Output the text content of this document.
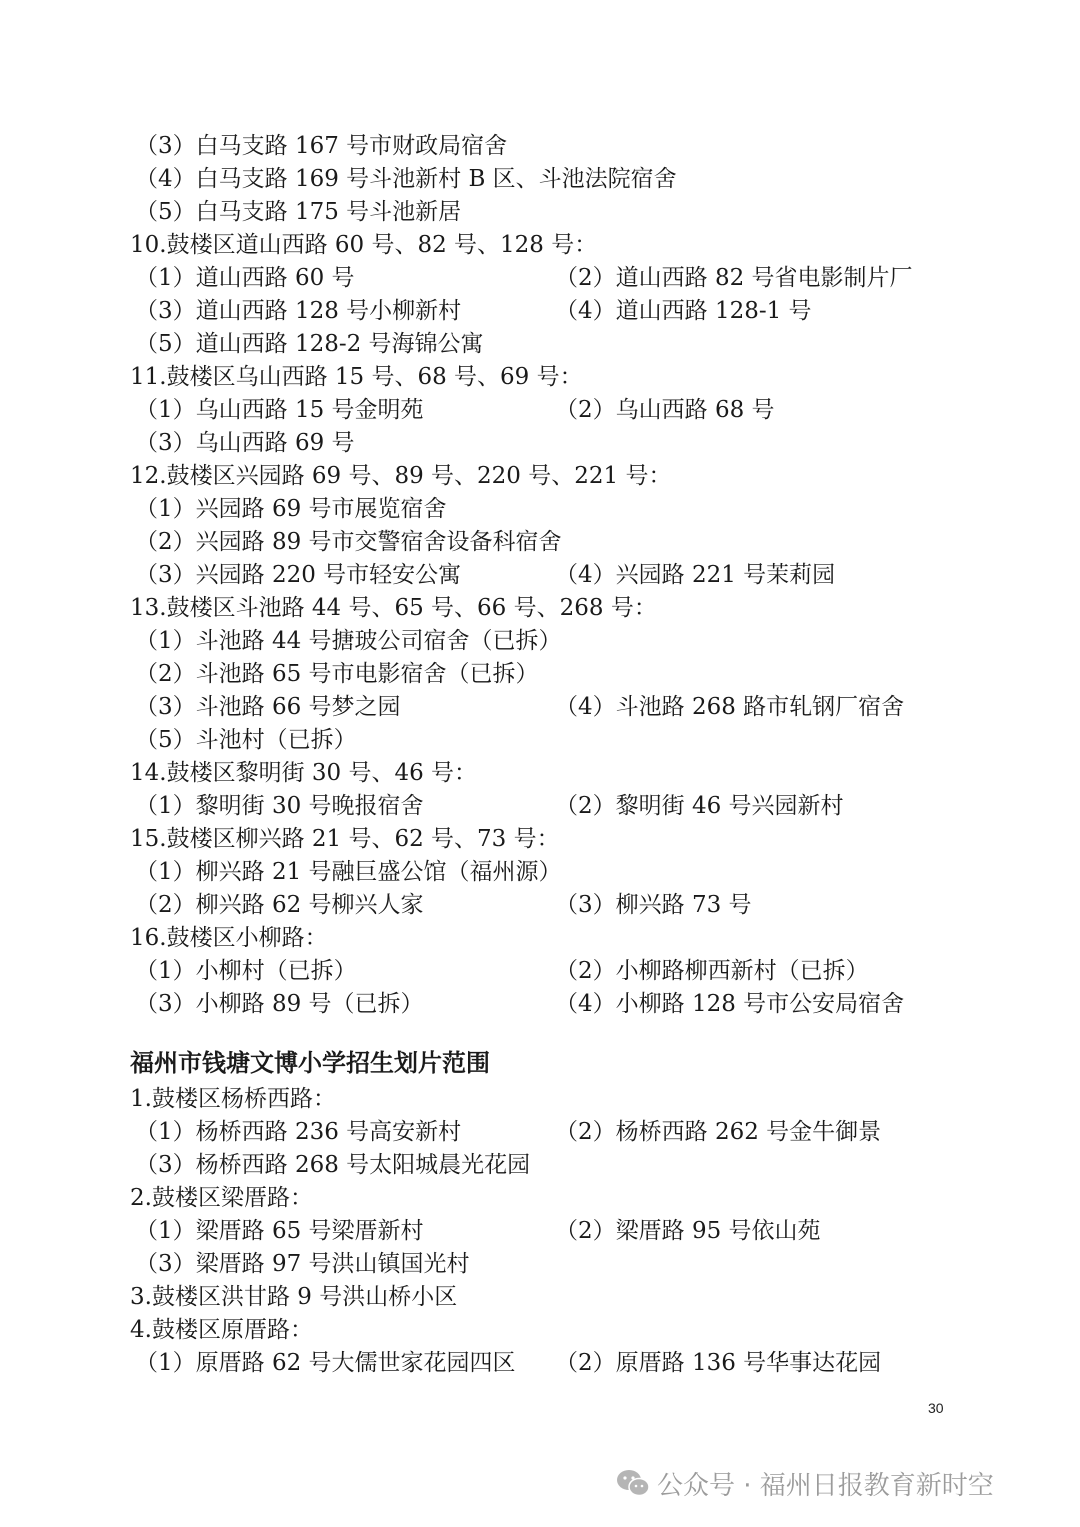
（3）白马支路 167 号市财政局宿舍
（4）白马支路 169 号斗池新村 B 区、斗池法院宿舍
（5）白马支路 175 号斗池新居
10.鼓楼区道山西路 60 号、82 号、128 号：
（1）道山西路 60 号	（2）道山西路 82 号省电影制片厂
（3）道山西路 128 号小柳新村	（4）道山西路 128-1 号
（5）道山西路 128-2 号海锦公寓
11.鼓楼区乌山西路 15 号、68 号、69 号：
（1）乌山西路 15 号金明苑	（2）乌山西路 68 号
（3）乌山西路 69 号
12.鼓楼区兴园路 69 号、89 号、220 号、221 号：
（1）兴园路 69 号市展览宿舍
（2）兴园路 89 号市交警宿舍设备科宿舍
（3）兴园路 220 号市轻安公寓	（4）兴园路 221 号茉莉园
13.鼓楼区斗池路 44 号、65 号、66 号、268 号：
（1）斗池路 44 号搪玻公司宿舍（已拆）
（2）斗池路 65 号市电影宿舍（已拆）
（3）斗池路 66 号梦之园	（4）斗池路 268 路市轧钢厂宿舍
（5）斗池村（已拆）
14.鼓楼区黎明街 30 号、46 号：
（1）黎明街 30 号晚报宿舍	（2）黎明街 46 号兴园新村
15.鼓楼区柳兴路 21 号、62 号、73 号：
（1）柳兴路 21 号融巨盛公馆（福州源）
（2）柳兴路 62 号柳兴人家	（3）柳兴路 73 号
16.鼓楼区小柳路：
（1）小柳村（已拆）	（2）小柳路柳西新村（已拆）
（3）小柳路 89 号（已拆）	（4）小柳路 128 号市公安局宿舍
福州市钱塘文博小学招生划片范围
1.鼓楼区杨桥西路：
（1）杨桥西路 236 号高安新村	（2）杨桥西路 262 号金牛御景
（3）杨桥西路 268 号太阳城晨光花园
2.鼓楼区梁厝路：
（1）梁厝路 65 号梁厝新村	（2）梁厝路 95 号依山苑
（3）梁厝路 97 号洪山镇国光村
3.鼓楼区洪甘路 9 号洪山桥小区
4.鼓楼区原厝路：
（1）原厝路 62 号大儒世家花园四区 （2）原厝路 136 号华事达花园
30
公众号 · 福州日报教育新时空
